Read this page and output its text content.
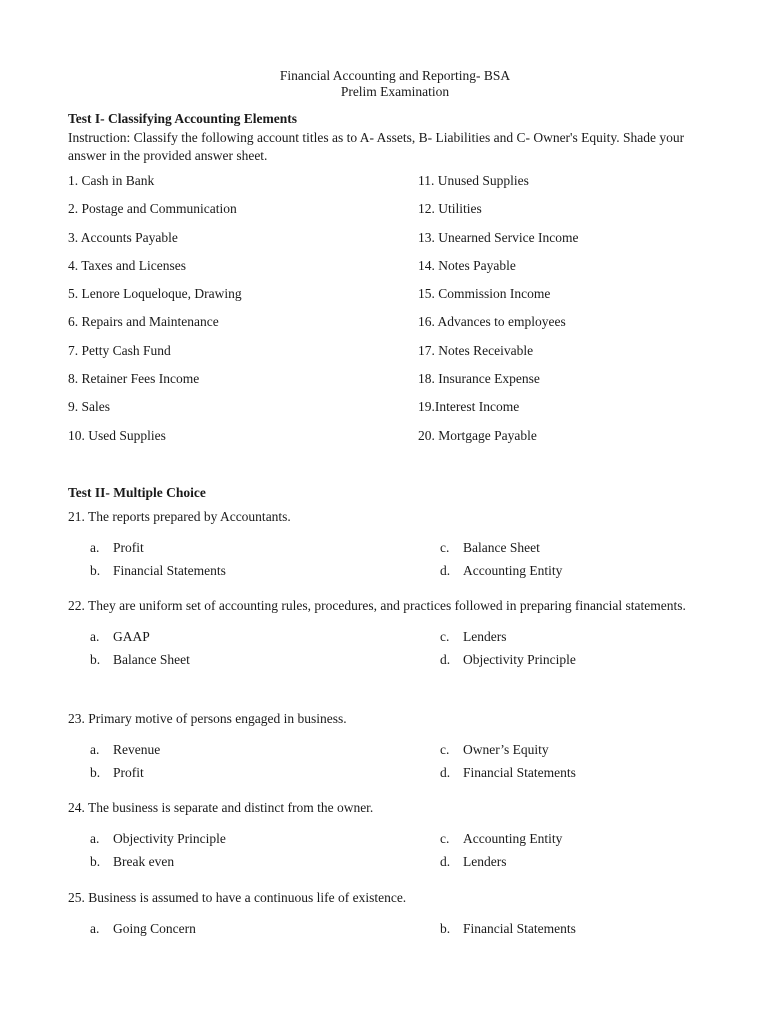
Financial Accounting and Reporting- BSA
Prelim Examination
Test I- Classifying Accounting Elements
Instruction: Classify the following account titles as to A- Assets, B- Liabilities and C- Owner's Equity. Shade your answer in the provided answer sheet.
1. Cash in Bank	11. Unused Supplies
2. Postage and Communication	12. Utilities
3. Accounts Payable	13. Unearned Service Income
4. Taxes and Licenses	14. Notes Payable
5. Lenore Loqueloque, Drawing	15. Commission Income
6. Repairs and Maintenance	16. Advances to employees
7. Petty Cash Fund	17. Notes Receivable
8. Retainer Fees Income	18. Insurance Expense
9. Sales	19.Interest Income
10. Used Supplies	20. Mortgage Payable
Test II- Multiple Choice
21. The reports prepared by Accountants.
a. Profit
b. Financial Statements
c. Balance Sheet
d. Accounting Entity
22. They are uniform set of accounting rules, procedures, and practices followed in preparing financial statements.
a. GAAP
b. Balance Sheet
c. Lenders
d. Objectivity Principle
23. Primary motive of persons engaged in business.
a. Revenue
b. Profit
c. Owner’s Equity
d. Financial Statements
24. The business is separate and distinct from the owner.
a. Objectivity Principle
b. Break even
c. Accounting Entity
d. Lenders
25. Business is assumed to have a continuous life of existence.
a. Going Concern	b. Financial Statements
